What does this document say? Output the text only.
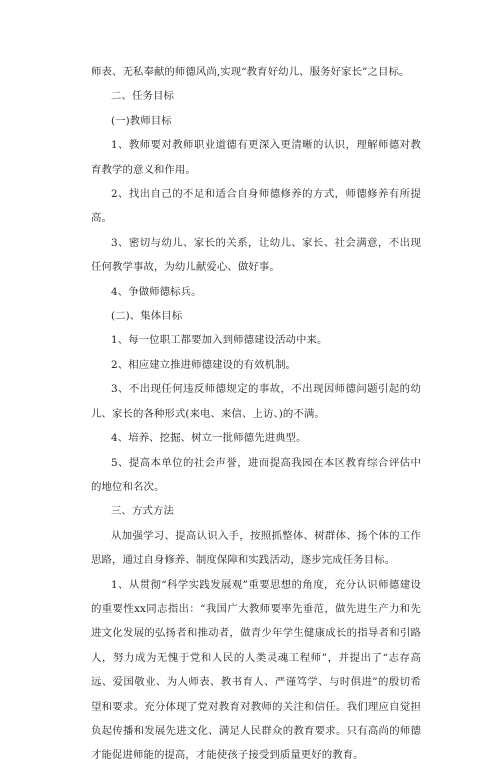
师表、无私奉献的师德风尚,实现“教育好幼儿、服务好家长”之目标。

二、任务目标

(一)教师目标

1、教师要对教师职业道德有更深入更清晰的认识，理解师德对教育教学的意义和作用。

2、找出自己的不足和适合自身师德修养的方式，师德修养有所提高。

3、密切与幼儿、家长的关系，让幼儿、家长、社会满意，不出现任何教学事故，为幼儿献爱心、做好事。

4、争做师德标兵。

(二)、集体目标

1、每一位职工都要加入到师德建设活动中来。

2、相应建立推进师德建设的有效机制。

3、不出现任何违反师德规定的事故，不出现因师德问题引起的幼儿、家长的各种形式(来电、来信、上访、)的不满。

4、培养、挖掘、树立一批师德先进典型。

5、提高本单位的社会声誉，进而提高我园在本区教育综合评估中的地位和名次。

三、方式方法

从加强学习、提高认识入手，按照抓整体、树群体、扬个体的工作思路，通过自身修养、制度保障和实践活动，逐步完成任务目标。

1、从贯彻“科学实践发展观”重要思想的角度，充分认识师德建设的重要性xx同志指出：“我国广大教师要率先垂范，做先进生产力和先进文化发展的弘扬者和推动者，做青少年学生健康成长的指导者和引路人，努力成为无愧于党和人民的人类灵魂工程师”，并提出了“志存高远、爱国敬业、为人师表、教书育人、严谨笃学、与时俱进”的殷切希望和要求。充分体现了党对教育对教师的关注和信任。我们理应自觉担负起传播和发展先进文化、满足人民群众的教育要求。只有高尚的师德才能促进师能的提高，才能使孩子接受到质量更好的教育。
